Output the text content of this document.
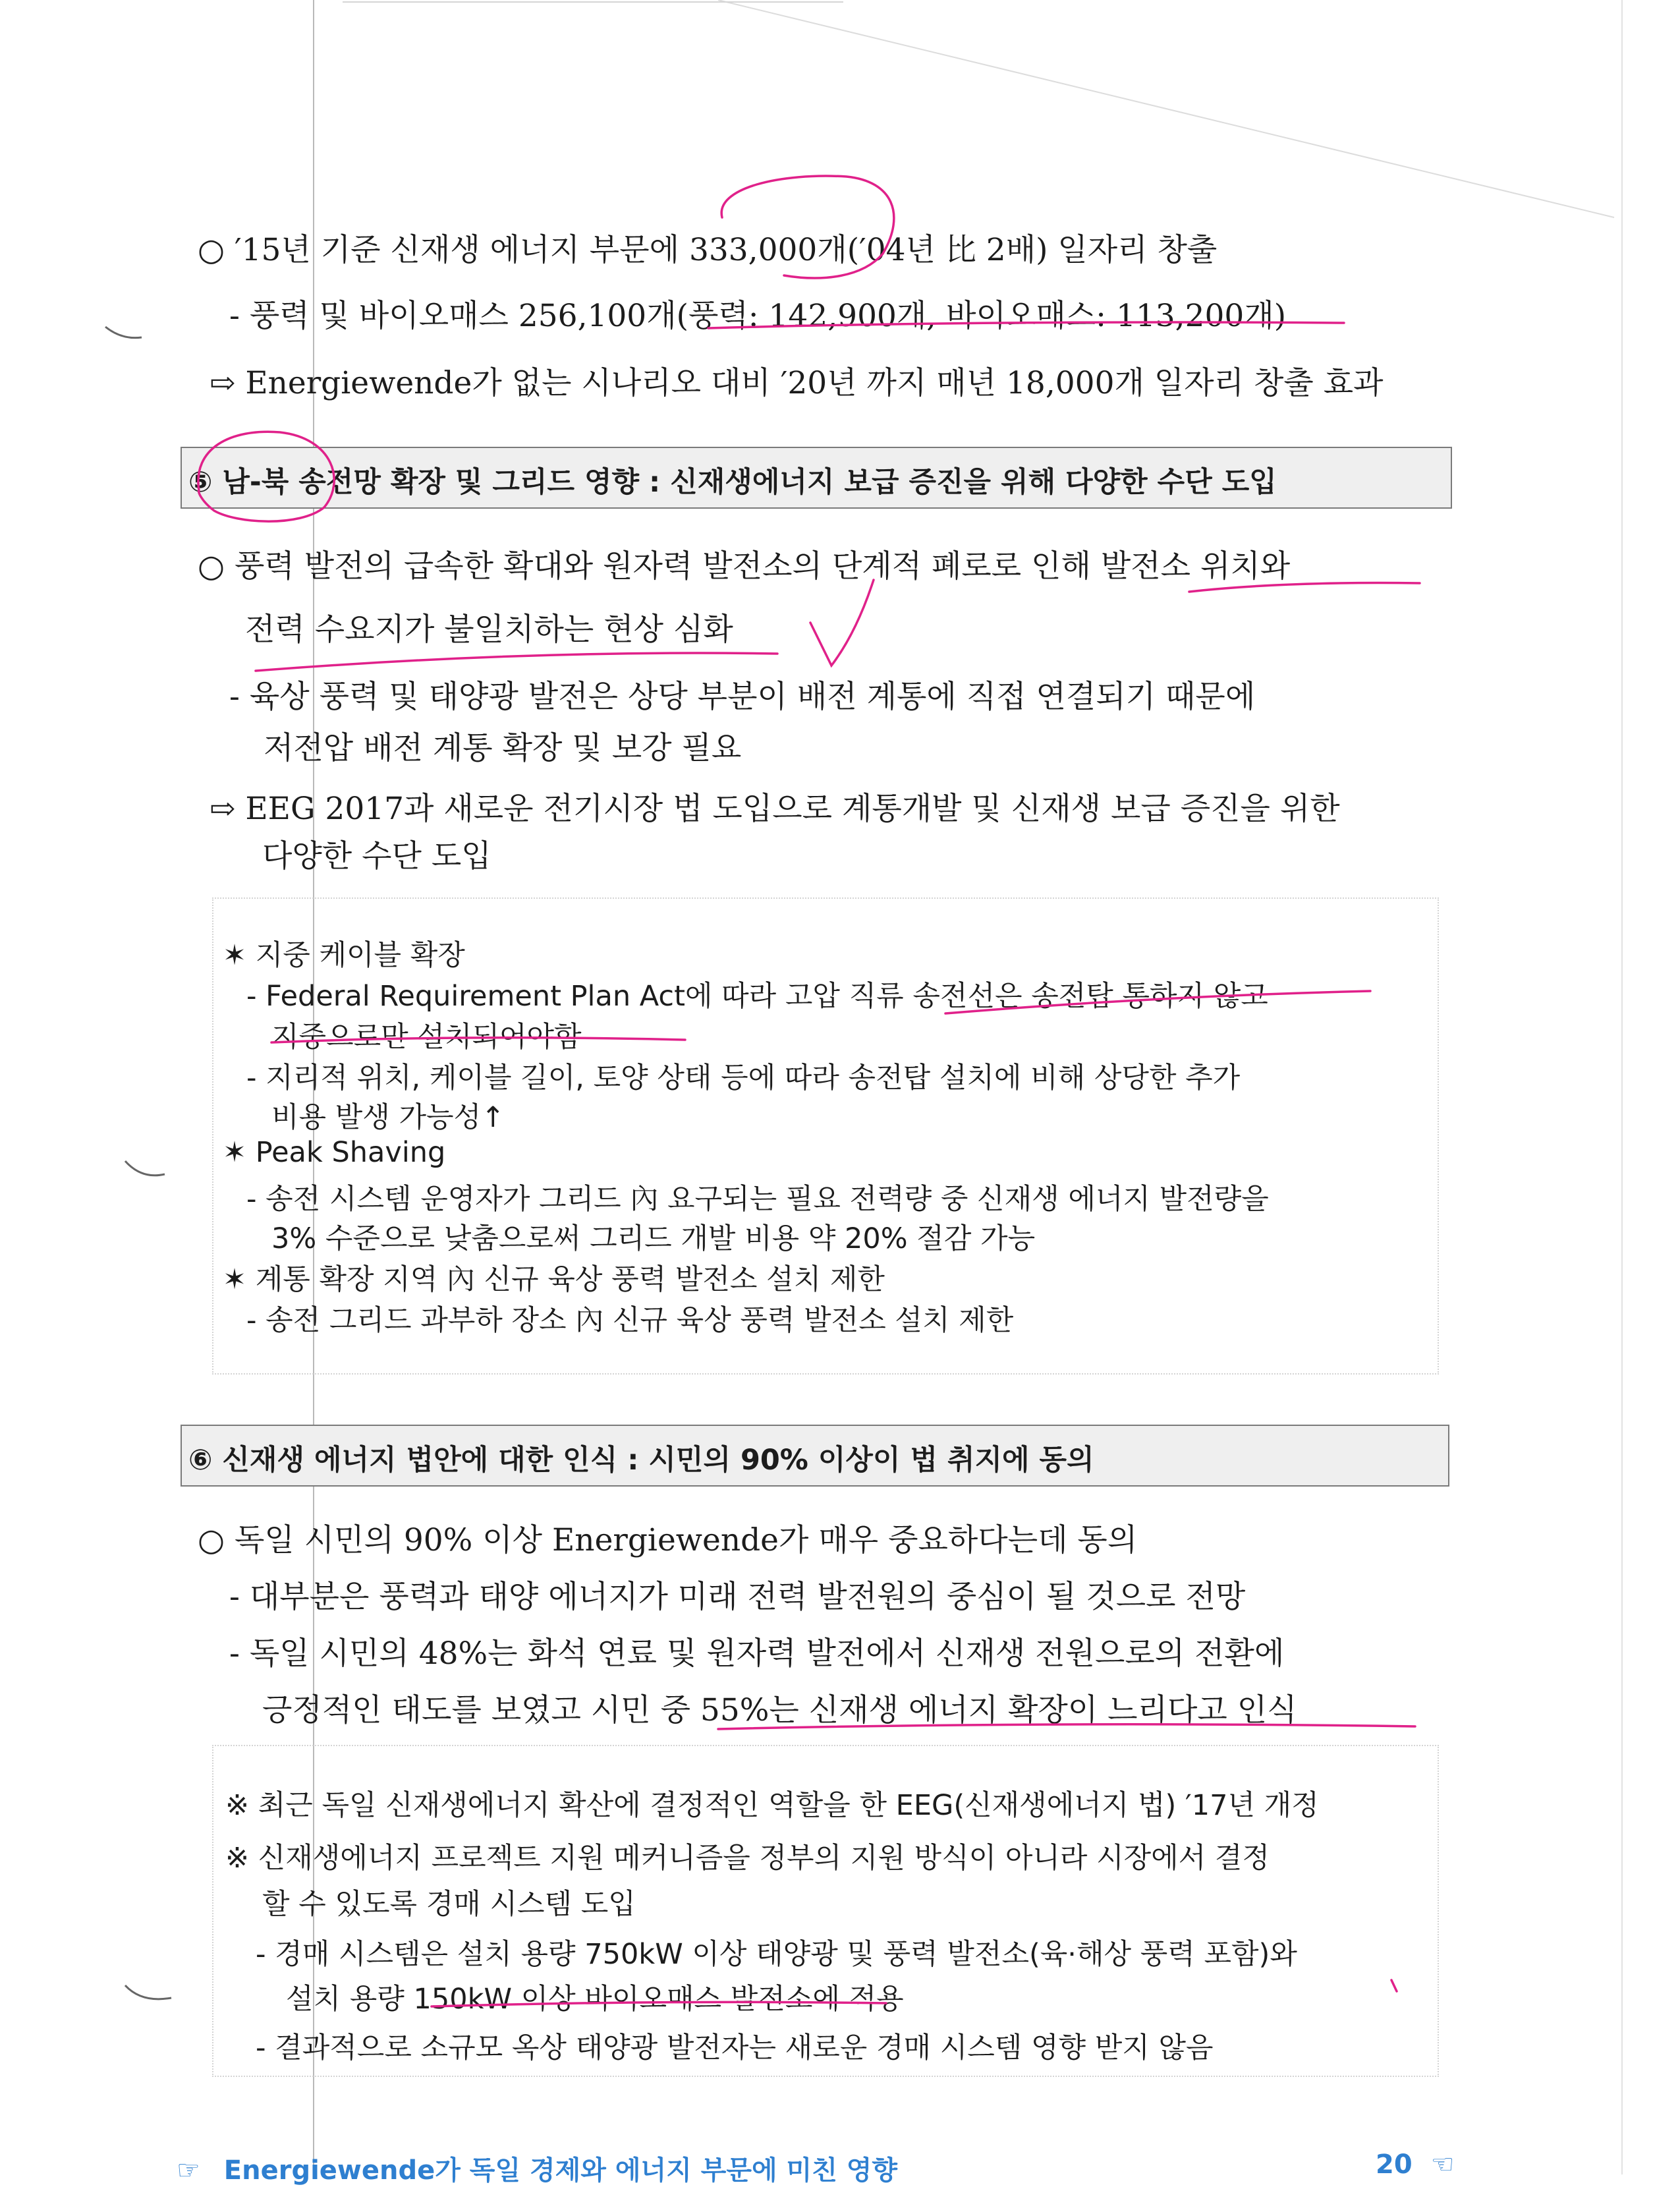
○ ′15년 기준 신재생 에너지 부문에 333,000개(′04년 比 2배) 일자리 창출
- 풍력 및 바이오매스 256,100개(풍력: 142,900개, 바이오매스: 113,200개)
⇨ Energiewende가 없는 시나리오 대비 ′20년 까지 매년 18,000개 일자리 창출 효과
⑤ 남-북 송전망 확장 및 그리드 영향 : 신재생에너지 보급 증진을 위해 다양한 수단 도입
○ 풍력 발전의 급속한 확대와 원자력 발전소의 단계적 폐로로 인해 발전소 위치와
전력 수요지가 불일치하는 현상 심화
- 육상 풍력 및 태양광 발전은 상당 부분이 배전 계통에 직접 연결되기 때문에
저전압 배전 계통 확장 및 보강 필요
⇨ EEG 2017과 새로운 전기시장 법 도입으로 계통개발 및 신재생 보급 증진을 위한
다양한 수단 도입
✶ 지중 케이블 확장
- Federal Requirement Plan Act에 따라 고압 직류 송전선은 송전탑 통하지 않고
지중으로만 설치되어야함
- 지리적 위치, 케이블 길이, 토양 상태 등에 따라 송전탑 설치에 비해 상당한 추가
비용 발생 가능성↑
✶ Peak Shaving
- 송전 시스템 운영자가 그리드 內 요구되는 필요 전력량 중 신재생 에너지 발전량을
3% 수준으로 낮춤으로써 그리드 개발 비용 약 20% 절감 가능
✶ 계통 확장 지역 內 신규 육상 풍력 발전소 설치 제한
- 송전 그리드 과부하 장소 內 신규 육상 풍력 발전소 설치 제한
⑥ 신재생 에너지 법안에 대한 인식 : 시민의 90% 이상이 법 취지에 동의
○ 독일 시민의 90% 이상 Energiewende가 매우 중요하다는데 동의
- 대부분은 풍력과 태양 에너지가 미래 전력 발전원의 중심이 될 것으로 전망
- 독일 시민의 48%는 화석 연료 및 원자력 발전에서 신재생 전원으로의 전환에
긍정적인 태도를 보였고 시민 중 55%는 신재생 에너지 확장이 느리다고 인식
※ 최근 독일 신재생에너지 확산에 결정적인 역할을 한 EEG(신재생에너지 법) ′17년 개정
※ 신재생에너지 프로젝트 지원 메커니즘을 정부의 지원 방식이 아니라 시장에서 결정
할 수 있도록 경매 시스템 도입
- 경매 시스템은 설치 용량 750kW 이상 태양광 및 풍력 발전소(육·해상 풍력 포함)와
설치 용량 150kW 이상 바이오매스 발전소에 적용
- 결과적으로 소규모 옥상 태양광 발전자는 새로운 경매 시스템 영향 받지 않음
☞ Energiewende가 독일 경제와 에너지 부문에 미친 영향	20 ☜
